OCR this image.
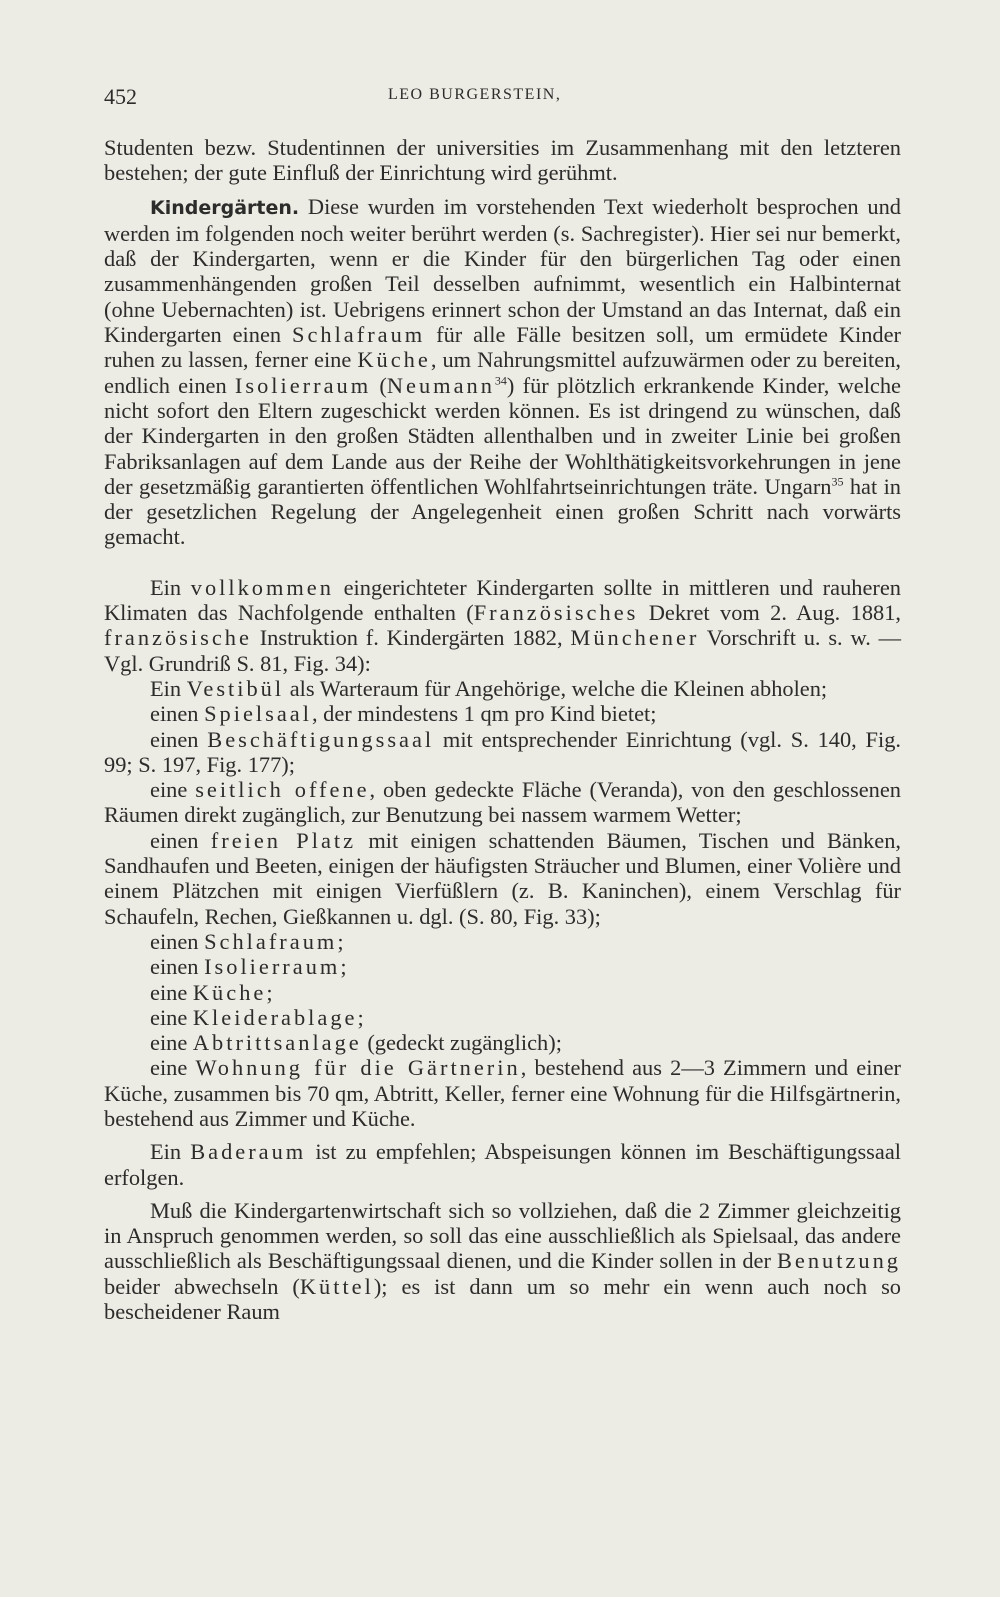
452	LEO BURGERSTEIN,

Studenten bezw. Studentinnen der universities im Zusammenhang mit den letzteren bestehen; der gute Einfluß der Einrichtung wird gerühmt.

Kindergärten. Diese wurden im vorstehenden Text wiederholt besprochen und werden im folgenden noch weiter berührt werden (s. Sachregister). Hier sei nur bemerkt, daß der Kindergarten, wenn er die Kinder für den bürgerlichen Tag oder einen zusammenhängenden großen Teil desselben aufnimmt, wesentlich ein Halbinternat (ohne Uebernachten) ist. Uebrigens erinnert schon der Umstand an das Internat, daß ein Kindergarten einen Schlafraum für alle Fälle besitzen soll, um ermüdete Kinder ruhen zu lassen, ferner eine Küche, um Nahrungsmittel aufzuwärmen oder zu bereiten, endlich einen Isolierraum (Neumann$^{34}$) für plötzlich erkrankende Kinder, welche nicht sofort den Eltern zugeschickt werden können. Es ist dringend zu wünschen, daß der Kindergarten in den großen Städten allenthalben und in zweiter Linie bei großen Fabriksanlagen auf dem Lande aus der Reihe der Wohlthätigkeitsvorkehrungen in jene der gesetzmäßig garantierten öffentlichen Wohlfahrtseinrichtungen träte. Ungarn$^{35}$ hat in der gesetzlichen Regelung der Angelegenheit einen großen Schritt nach vorwärts gemacht.

Ein vollkommen eingerichteter Kindergarten sollte in mittleren und rauheren Klimaten das Nachfolgende enthalten (Französisches Dekret vom 2. Aug. 1881, französische Instruktion f. Kindergärten 1882, Münchener Vorschrift u. s. w. — Vgl. Grundriß S. 81, Fig. 34):

Ein Vestibül als Warteraum für Angehörige, welche die Kleinen abholen;

einen Spielsaal, der mindestens 1 qm pro Kind bietet;

einen Beschäftigungssaal mit entsprechender Einrichtung (vgl. S. 140, Fig. 99; S. 197, Fig. 177);

eine seitlich offene, oben gedeckte Fläche (Veranda), von den geschlossenen Räumen direkt zugänglich, zur Benutzung bei nassem warmem Wetter;

einen freien Platz mit einigen schattenden Bäumen, Tischen und Bänken, Sandhaufen und Beeten, einigen der häufigsten Sträucher und Blumen, einer Volière und einem Plätzchen mit einigen Vierfüßlern (z. B. Kaninchen), einem Verschlag für Schaufeln, Rechen, Gießkannen u. dgl. (S. 80, Fig. 33);

einen Schlafraum;

einen Isolierraum;

eine Küche;

eine Kleiderablage;

eine Abtrittsanlage (gedeckt zugänglich);

eine Wohnung für die Gärtnerin, bestehend aus 2—3 Zimmern und einer Küche, zusammen bis 70 qm, Abtritt, Keller, ferner eine Wohnung für die Hilfsgärtnerin, bestehend aus Zimmer und Küche.

Ein Baderaum ist zu empfehlen; Abspeisungen können im Beschäftigungssaal erfolgen.

Muß die Kindergartenwirtschaft sich so vollziehen, daß die 2 Zimmer gleichzeitig in Anspruch genommen werden, so soll das eine ausschließlich als Spielsaal, das andere ausschließlich als Beschäftigungssaal dienen, und die Kinder sollen in der Benutzung beider abwechseln (Küttel); es ist dann um so mehr ein wenn auch noch so bescheidener Raum
